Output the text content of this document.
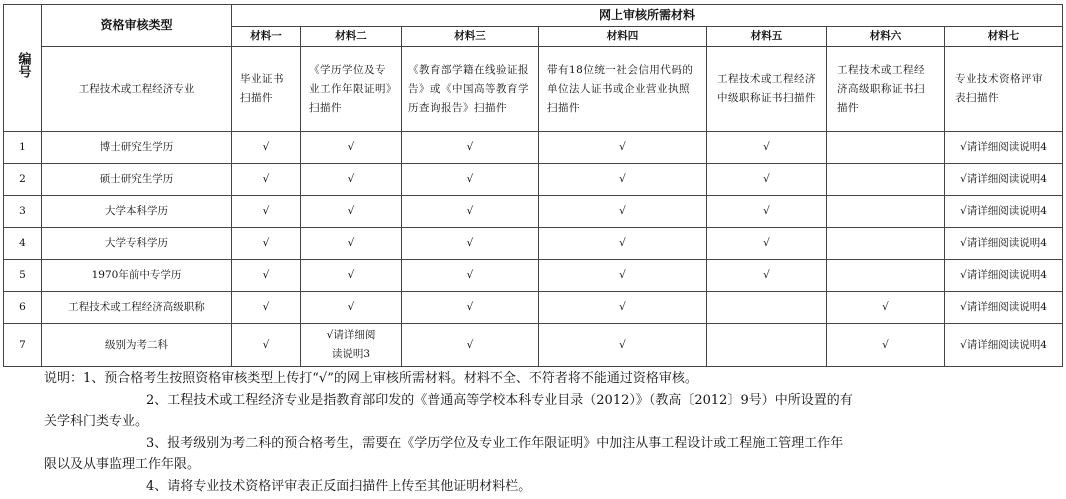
编号	资格审核类型	网上审核所需材料						
		材料一	材料二	材料三	材料四	材料五	材料六	材料七
	工程技术或工程经济专业	毕业证书扫描件	《学历学位及专业工作年限证明》扫描件	《教育部学籍在线验证报告》或《中国高等教育学历查询报告》扫描件	带有18位统一社会信用代码的单位法人证书或企业营业执照扫描件	工程技术或工程经济中级职称证书扫描件	工程技术或工程经济高级职称证书扫描件	专业技术资格评审表扫描件

1	博士研究生学历	√	√	√	√	√		√请详细阅读说明4
2	硕士研究生学历	√	√	√	√	√		√请详细阅读说明4
3	大学本科学历	√	√	√	√	√		√请详细阅读说明4
4	大学专科学历	√	√	√	√	√		√请详细阅读说明4
5	1970年前中专学历	√	√	√	√	√		√请详细阅读说明4
6	工程技术或工程经济高级职称	√	√	√	√		√	√请详细阅读说明4
7	级别为考二科	√	√请详细阅读说明3	√	√		√	√请详细阅读说明4

说明：1、预合格考生按照资格审核类型上传打“√”的网上审核所需材料。材料不全、不符者将不能通过资格审核。

2、工程技术或工程经济专业是指教育部印发的《普通高等学校本科专业目录（2012）》（教高〔2012〕9号）中所设置的有

关学科门类专业。

3、报考级别为考二科的预合格考生，需要在《学历学位及专业工作年限证明》中加注从事工程设计或工程施工管理工作年

限以及从事监理工作年限。

4、请将专业技术资格评审表正反面扫描件上传至其他证明材料栏。
